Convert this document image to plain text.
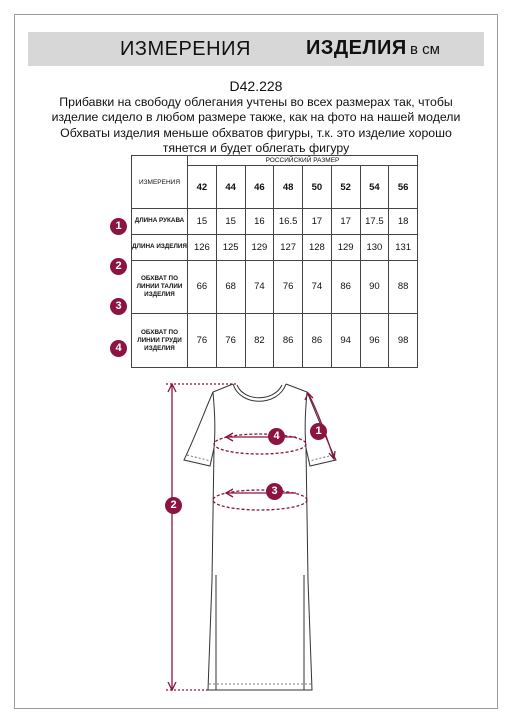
ИЗМЕРЕНИЯ	ИЗДЕЛИЯ в см
D42.228
Прибавки на свободу облегания учтены во всех размерах так, чтобы
изделие сидело в любом размере также, как на фото на нашей модели
Обхваты изделия меньше обхватов фигуры, т.к. это изделие хорошо
тянется и будет облегать фигуру
ИЗМЕРЕНИЯ	РОССИЙСКИЙ РАЗМЕР							
	42	44	46	48	50	52	54	56
ДЛИНА РУКАВА	15	15	16	16.5	17	17	17.5	18
ДЛИНА ИЗДЕЛИЯ	126	125	129	127	128	129	130	131
ОБХВАТ ПО ЛИНИИ ТАЛИИ ИЗДЕЛИЯ	66	68	74	76	74	86	90	88
ОБХВАТ ПО ЛИНИИ ГРУДИ ИЗДЕЛИЯ	76	76	82	86	86	94	96	98
1
2
3
4
2
4
3
1
